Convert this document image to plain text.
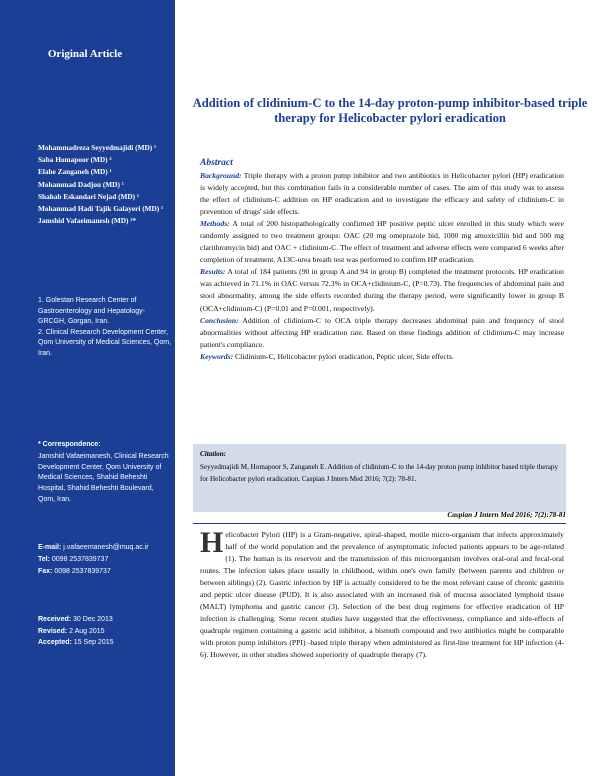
Original Article
Mohammadreza Seyyedmajidi (MD) ¹
Saba Homapoor (MD) ²
Elahe Zanganeh (MD) ¹
Mohammad Dadjou (MD) ¹
Shahab Eskandari Nejad (MD) ¹
Mohammad Hadi Tajik Galayeri (MD) ¹
Jamshid Vafaeimanesh (MD) ²*
1. Golestan Research Center of Gastroenterology and Hepatology-GRCGH, Gorgan, Iran.
2. Clinical Research Development Center, Qom University of Medical Sciences, Qom, Iran.
* Correspondence:
Jamshid Vafaeimanesh, Clinical Research Development Center, Qom University of Medical Sciences, Shahid Beheshti Hospital, Shahid Beheshti Boulevard, Qom, Iran.
E-mail: j.vafaeemanesh@muq.ac.ir
Tel: 0098 2537839737
Fax: 0098 2537839737
Received: 30 Dec 2013
Revised: 2 Aug 2015
Accepted: 15 Sep 2015
Addition of clidinium-C to the 14-day proton-pump inhibitor-based triple therapy for Helicobacter pylori eradication
Abstract

Background: Triple therapy with a proton pump inhibitor and two antibiotics in Helicobacter pylori (HP) eradication is widely accepted, but this combination fails in a considerable number of cases. The aim of this study was to assess the effect of clidinium-C addition on HP eradication and to investigate the efficacy and safety of clidinium-C in prevention of drugs' side effects.

Methods: A total of 200 histopathologically confirmed HP positive peptic ulcer enrolled in this study which were randomly assigned to two treatment groups: OAC (20 mg omeprazole bid, 1000 mg amoxicillin bid and 500 mg clarithromycin bid) and OAC + clidinium-C. The effect of treatment and adverse effects were compared 6 weeks after completion of treatment. A13C-urea breath test was performed to confirm HP eradication.

Results: A total of 184 patients (90 in group A and 94 in group B) completed the treatment protocols. HP eradication was achieved in 71.1% in OAC versus 72.3% in OCA+clidinium-C, (P=0.73). The frequencies of abdominal pain and stool abnormality, among the side effects recorded during the therapy period, were significantly lower in group B (OCA+clidinium-C) (P=0.01 and P=0.001, respectively).

Conclusion: Addition of clidinium-C to OCA triple therapy decreases abdominal pain and frequency of stool abnormalities without affecting HP eradication rate. Based on these findings addition of clidinium-C may increase patient's compliance.

Keywords: Clidinium-C, Helicobacter pylori eradication, Peptic ulcer, Side effects.

Citation:
Seyyedmajidi M, Homapoor S, Zanganeh E. Addition of clidinium-C to the 14-day proton pump inhibitor based triple therapy for Helicobacter pylori eradication. Caspian J Intern Med 2016; 7(2): 78-81.
Caspian J Intern Med 2016; 7(2):78-81

Helicobacter Pylori (HP) is a Gram-negative, spiral-shaped, motile micro-organism that infects approximately half of the world population and the prevalence of asymptomatic infected patients appears to be age-related (1). The human is its reservoir and the transmission of this microorganism involves oral-oral and fecal-oral routes. The infection takes place usually in childhood, within one's own family (between parents and children or between siblings) (2). Gastric infection by HP is actually considered to be the most relevant cause of chronic gastritis and peptic ulcer disease (PUD). It is also associated with an increased risk of mucosa associated lymphoid tissue (MALT) lymphoma and gastric cancer (3). Selection of the best drug regimens for effective eradication of HP infection is challenging. Some recent studies have suggested that the effectiveness, compliance and side-effects of quadruple regimen containing a gastric acid inhibitor, a bismuth compound and two antibiotics might be comparable with proton pump inhibitors (PPI) -based triple therapy when administered as first-line treatment for HP infection (4-6). However, in other studies showed superiority of quadruple therapy (7).
